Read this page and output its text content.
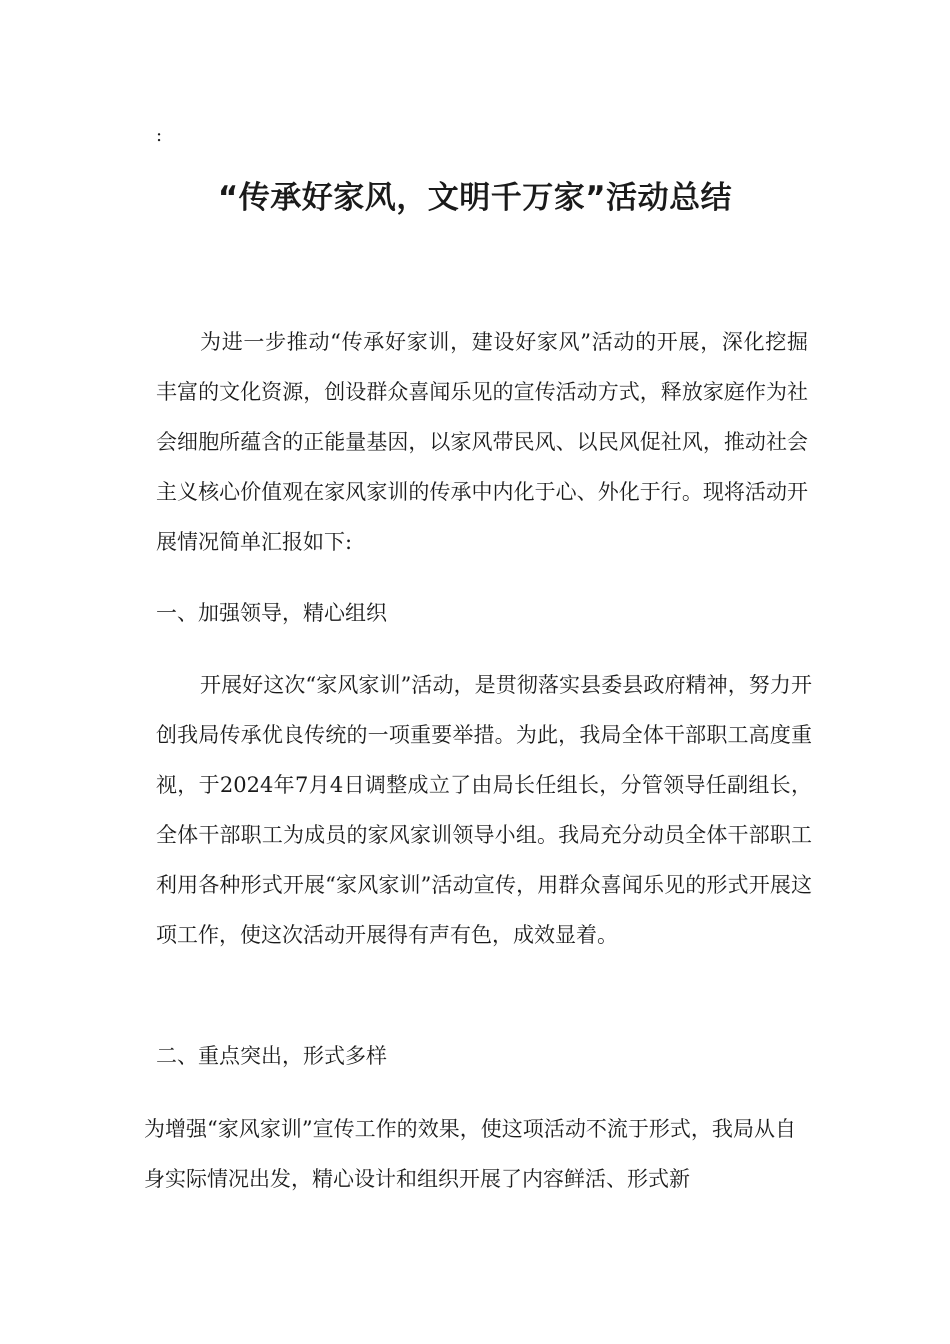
:
“传承好家风，文明千万家”活动总结

为进一步推动“传承好家训，建设好家风”活动的开展，深化挖掘丰富的文化资源，创设群众喜闻乐见的宣传活动方式，释放家庭作为社会细胞所蕴含的正能量基因，以家风带民风、以民风促社风，推动社会主义核心价值观在家风家训的传承中内化于心、外化于行。现将活动开展情况简单汇报如下:

一、加强领导，精心组织

开展好这次“家风家训”活动，是贯彻落实县委县政府精神，努力开创我局传承优良传统的一项重要举措。为此，我局全体干部职工高度重视，于2024年7月4日调整成立了由局长任组长，分管领导任副组长，全体干部职工为成员的家风家训领导小组。我局充分动员全体干部职工利用各种形式开展“家风家训”活动宣传，用群众喜闻乐见的形式开展这项工作，使这次活动开展得有声有色，成效显着。

二、重点突出，形式多样

为增强“家风家训”宣传工作的效果，使这项活动不流于形式，我局从自身实际情况出发，精心设计和组织开展了内容鲜活、形式新
